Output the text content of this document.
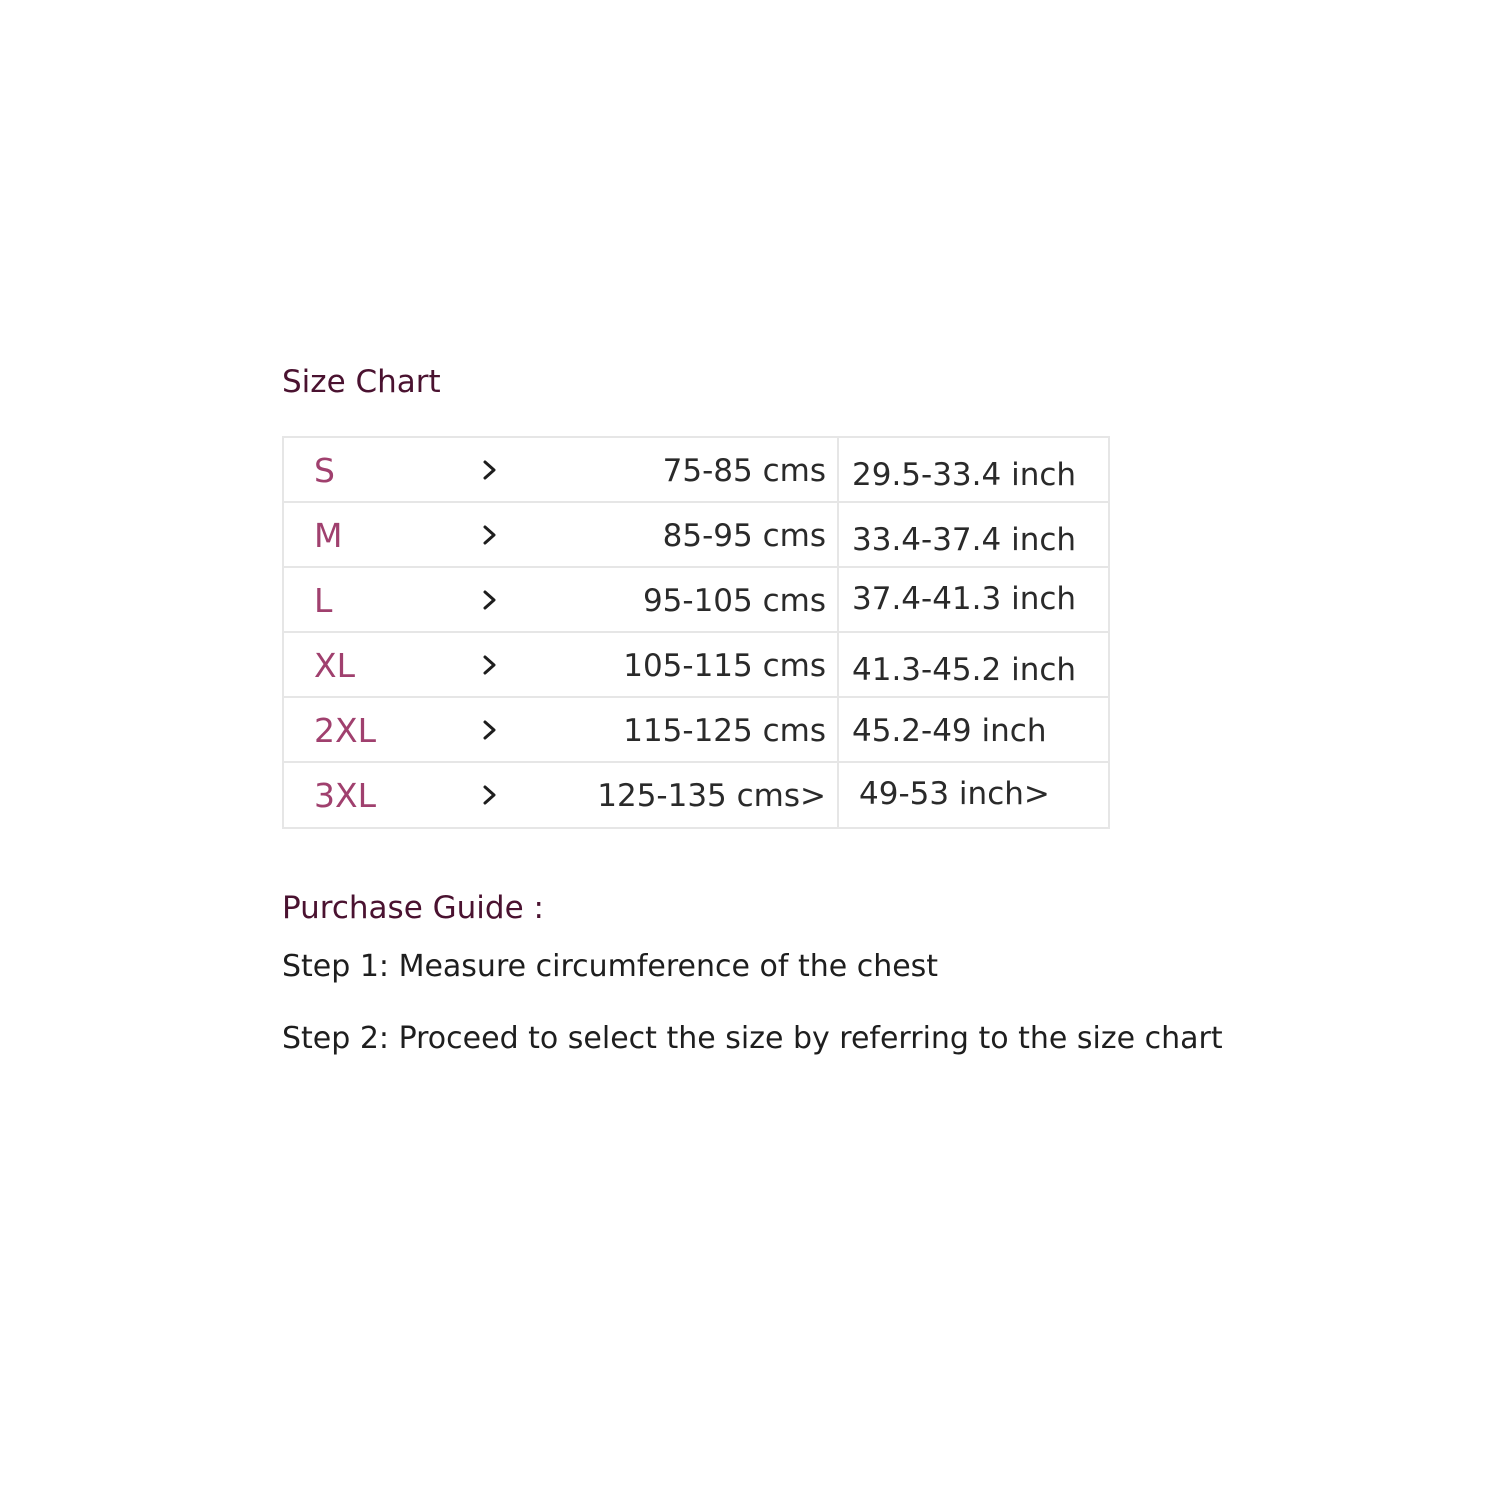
Size Chart
S	75-85 cms 29.5-33.4 inch
M	85-95 cms 33.4-37.4 inch
L	95-105 cms 37.4-41.3 inch
XL	105-115 cms 41.3-45.2 inch
2XL	115-125 cms 45.2-49 inch
3XL	125-135 cms> 49-53 inch>
Purchase Guide :
Step 1: Measure circumference of the chest
Step 2: Proceed to select the size by referring to the size chart
